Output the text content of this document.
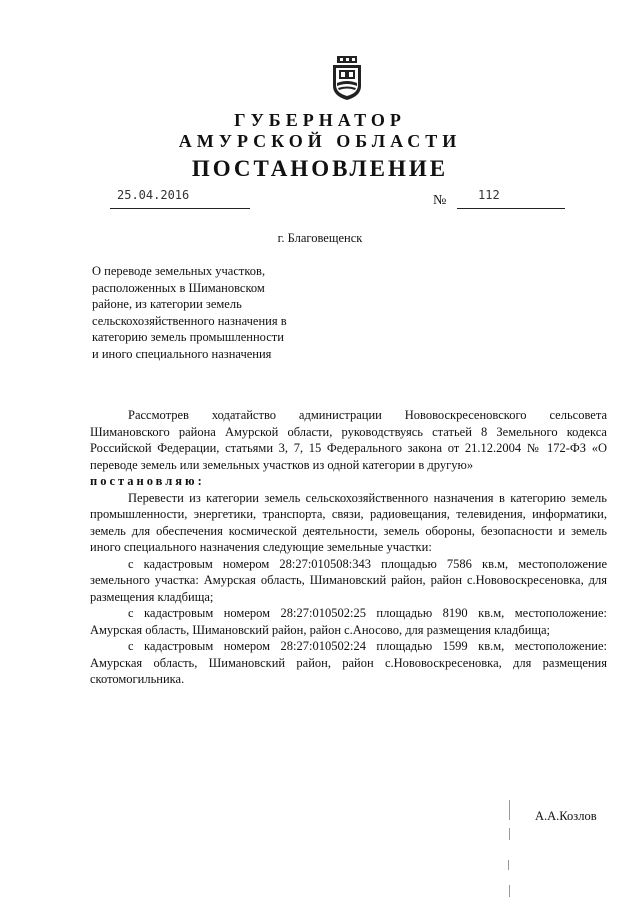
ГУБЕРНАТОР
АМУРСКОЙ ОБЛАСТИ
ПОСТАНОВЛЕНИЕ
25.04.2016	№	112
г. Благовещенск
О переводе земельных участков,
расположенных в Шимановском
районе, из категории земель
сельскохозяйственного назначения в
категорию земель промышленности
и иного специального назначения

Рассмотрев ходатайство администрации Нововоскресеновского сельсовета Шимановского района Амурской области, руководствуясь статьей 8 Земельного кодекса Российской Федерации, статьями 3, 7, 15 Федерального закона от 21.12.2004 № 172-ФЗ «О переводе земель или земельных участков из одной категории в другую»

постановляю:

Перевести из категории земель сельскохозяйственного назначения в категорию земель промышленности, энергетики, транспорта, связи, радиовещания, телевидения, информатики, земель для обеспечения космической деятельности, земель обороны, безопасности и земель иного специального назначения следующие земельные участки:

с кадастровым номером 28:27:010508:343 площадью 7586 кв.м, местоположение земельного участка: Амурская область, Шимановский район, район с.Нововоскресеновка, для размещения кладбища;

с кадастровым номером 28:27:010502:25 площадью 8190 кв.м, местоположение: Амурская область, Шимановский район, район с.Аносово, для размещения кладбища;

с кадастровым номером 28:27:010502:24 площадью 1599 кв.м, местоположение: Амурская область, Шимановский район, район с.Нововоскресеновка, для размещения скотомогильника.

А.А.Козлов
